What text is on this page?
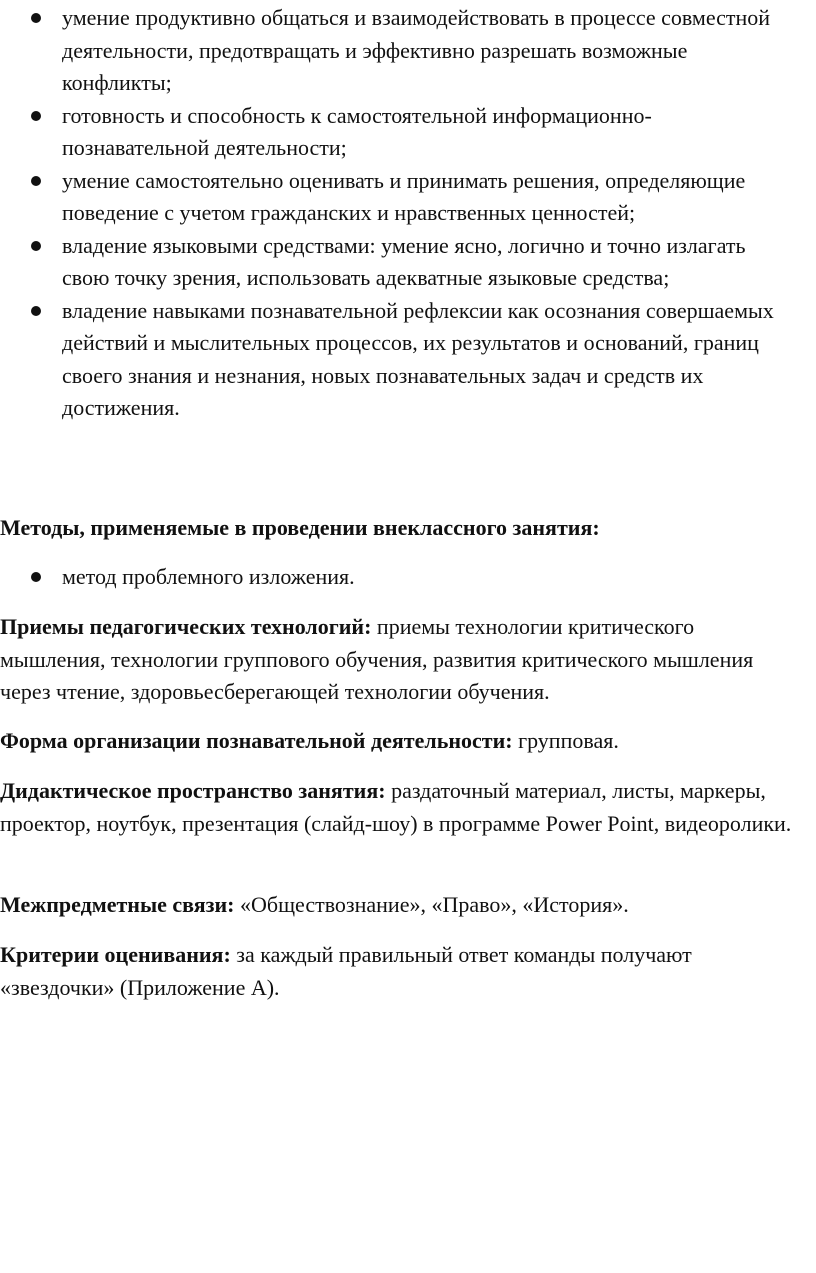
умение продуктивно общаться и взаимодействовать в процессе совместной деятельности, предотвращать и эффективно разрешать возможные конфликты;
готовность и способность к самостоятельной информационно-познавательной деятельности;
умение самостоятельно оценивать и принимать решения, определяющие поведение с учетом гражданских и нравственных ценностей;
владение языковыми средствами: умение ясно, логично и точно излагать свою точку зрения, использовать адекватные языковые средства;
владение навыками познавательной рефлексии как осознания совершаемых действий и мыслительных процессов, их результатов и оснований, границ своего знания и незнания, новых познавательных задач и средств их достижения.

Методы, применяемые в проведении внеклассного занятия:

метод проблемного изложения.

Приемы педагогических технологий: приемы технологии критического мышления, технологии группового обучения, развития критического мышления через чтение, здоровьесберегающей технологии обучения.

Форма организации познавательной деятельности: групповая.

Дидактическое пространство занятия: раздаточный материал, листы, маркеры, проектор, ноутбук, презентация (слайд-шоу) в программе Power Point, видеоролики.

Межпредметные связи: «Обществознание», «Право», «История».

Критерии оценивания: за каждый правильный ответ команды получают «звездочки» (Приложение А).
